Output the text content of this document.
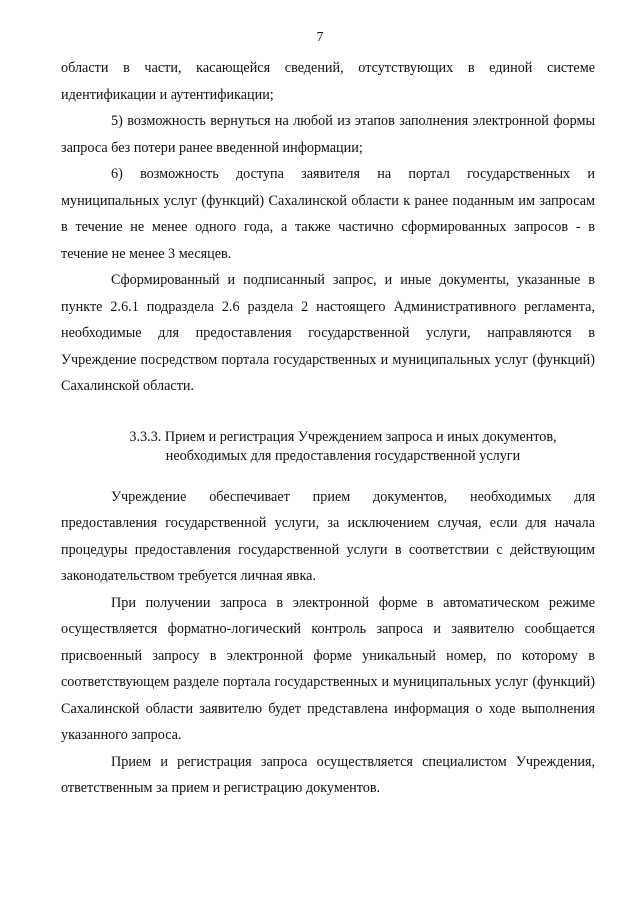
7

области в части, касающейся сведений, отсутствующих в единой системе идентификации и аутентификации;

5) возможность вернуться на любой из этапов заполнения электронной формы запроса без потери ранее введенной информации;

6) возможность доступа заявителя на портал государственных и муниципальных услуг (функций) Сахалинской области к ранее поданным им запросам в течение не менее одного года, а также частично сформированных запросов - в течение не менее 3 месяцев.

Сформированный и подписанный запрос, и иные документы, указанные в пункте 2.6.1 подраздела 2.6 раздела 2 настоящего Административного регламента, необходимые для предоставления государственной услуги, направляются в Учреждение посредством портала государственных и муниципальных услуг (функций) Сахалинской области.

3.3.3. Прием и регистрация Учреждением запроса и иных документов,
необходимых для предоставления государственной услуги

Учреждение обеспечивает прием документов, необходимых для предоставления государственной услуги, за исключением случая, если для начала процедуры предоставления государственной услуги в соответствии с действующим законодательством требуется личная явка.

При получении запроса в электронной форме в автоматическом режиме осуществляется форматно-логический контроль запроса и заявителю сообщается присвоенный запросу в электронной форме уникальный номер, по которому в соответствующем разделе портала государственных и муниципальных услуг (функций) Сахалинской области заявителю будет представлена информация о ходе выполнения указанного запроса.

Прием и регистрация запроса осуществляется специалистом Учреждения, ответственным за прием и регистрацию документов.
